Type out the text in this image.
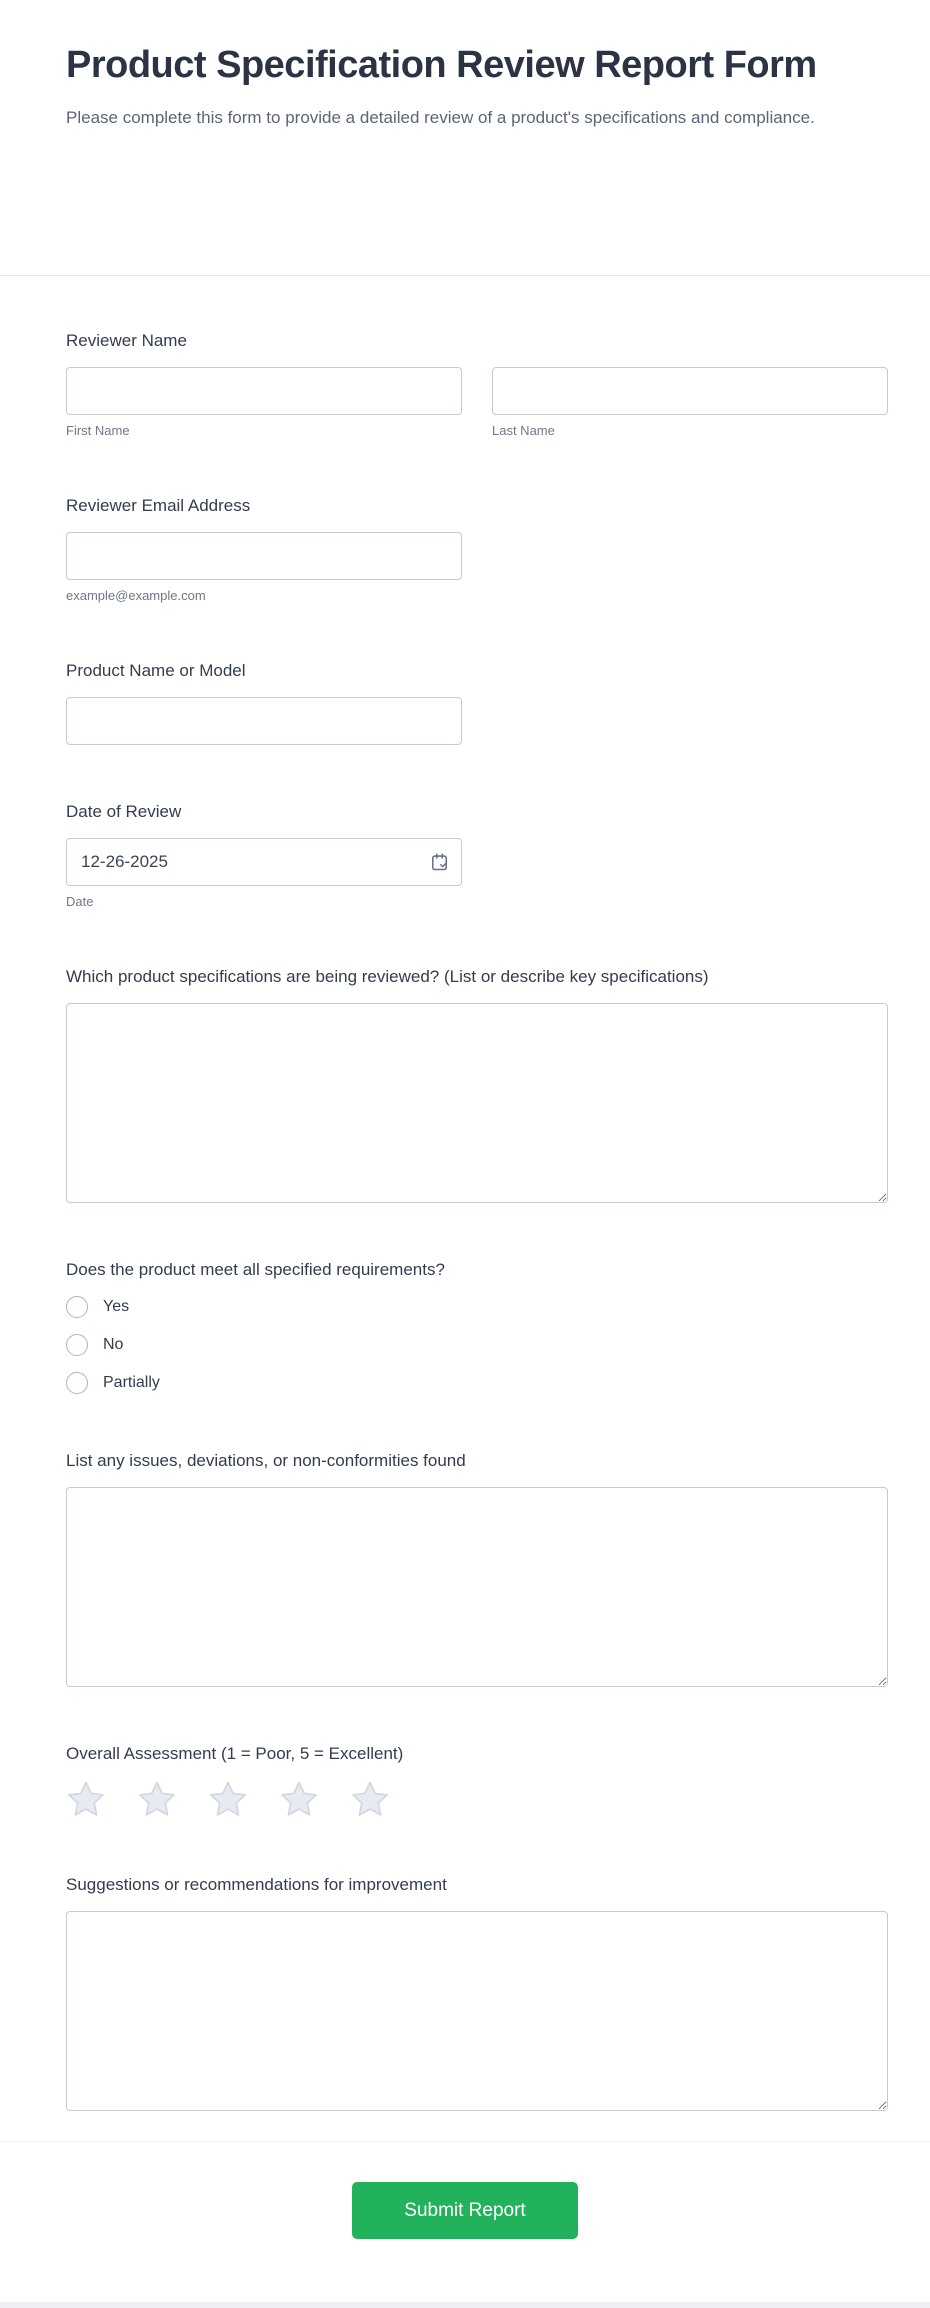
Product Specification Review Report Form

Please complete this form to provide a detailed review of a product's specifications and compliance.

Reviewer Name
First Name	Last Name
Reviewer Email Address
example@example.com
Product Name or Model
Date of Review
12-26-2025
Date
Which product specifications are being reviewed? (List or describe key specifications)
Does the product meet all specified requirements?
Yes
No
Partially
List any issues, deviations, or non-conformities found
Overall Assessment (1 = Poor, 5 = Excellent)
Suggestions or recommendations for improvement
Submit Report
